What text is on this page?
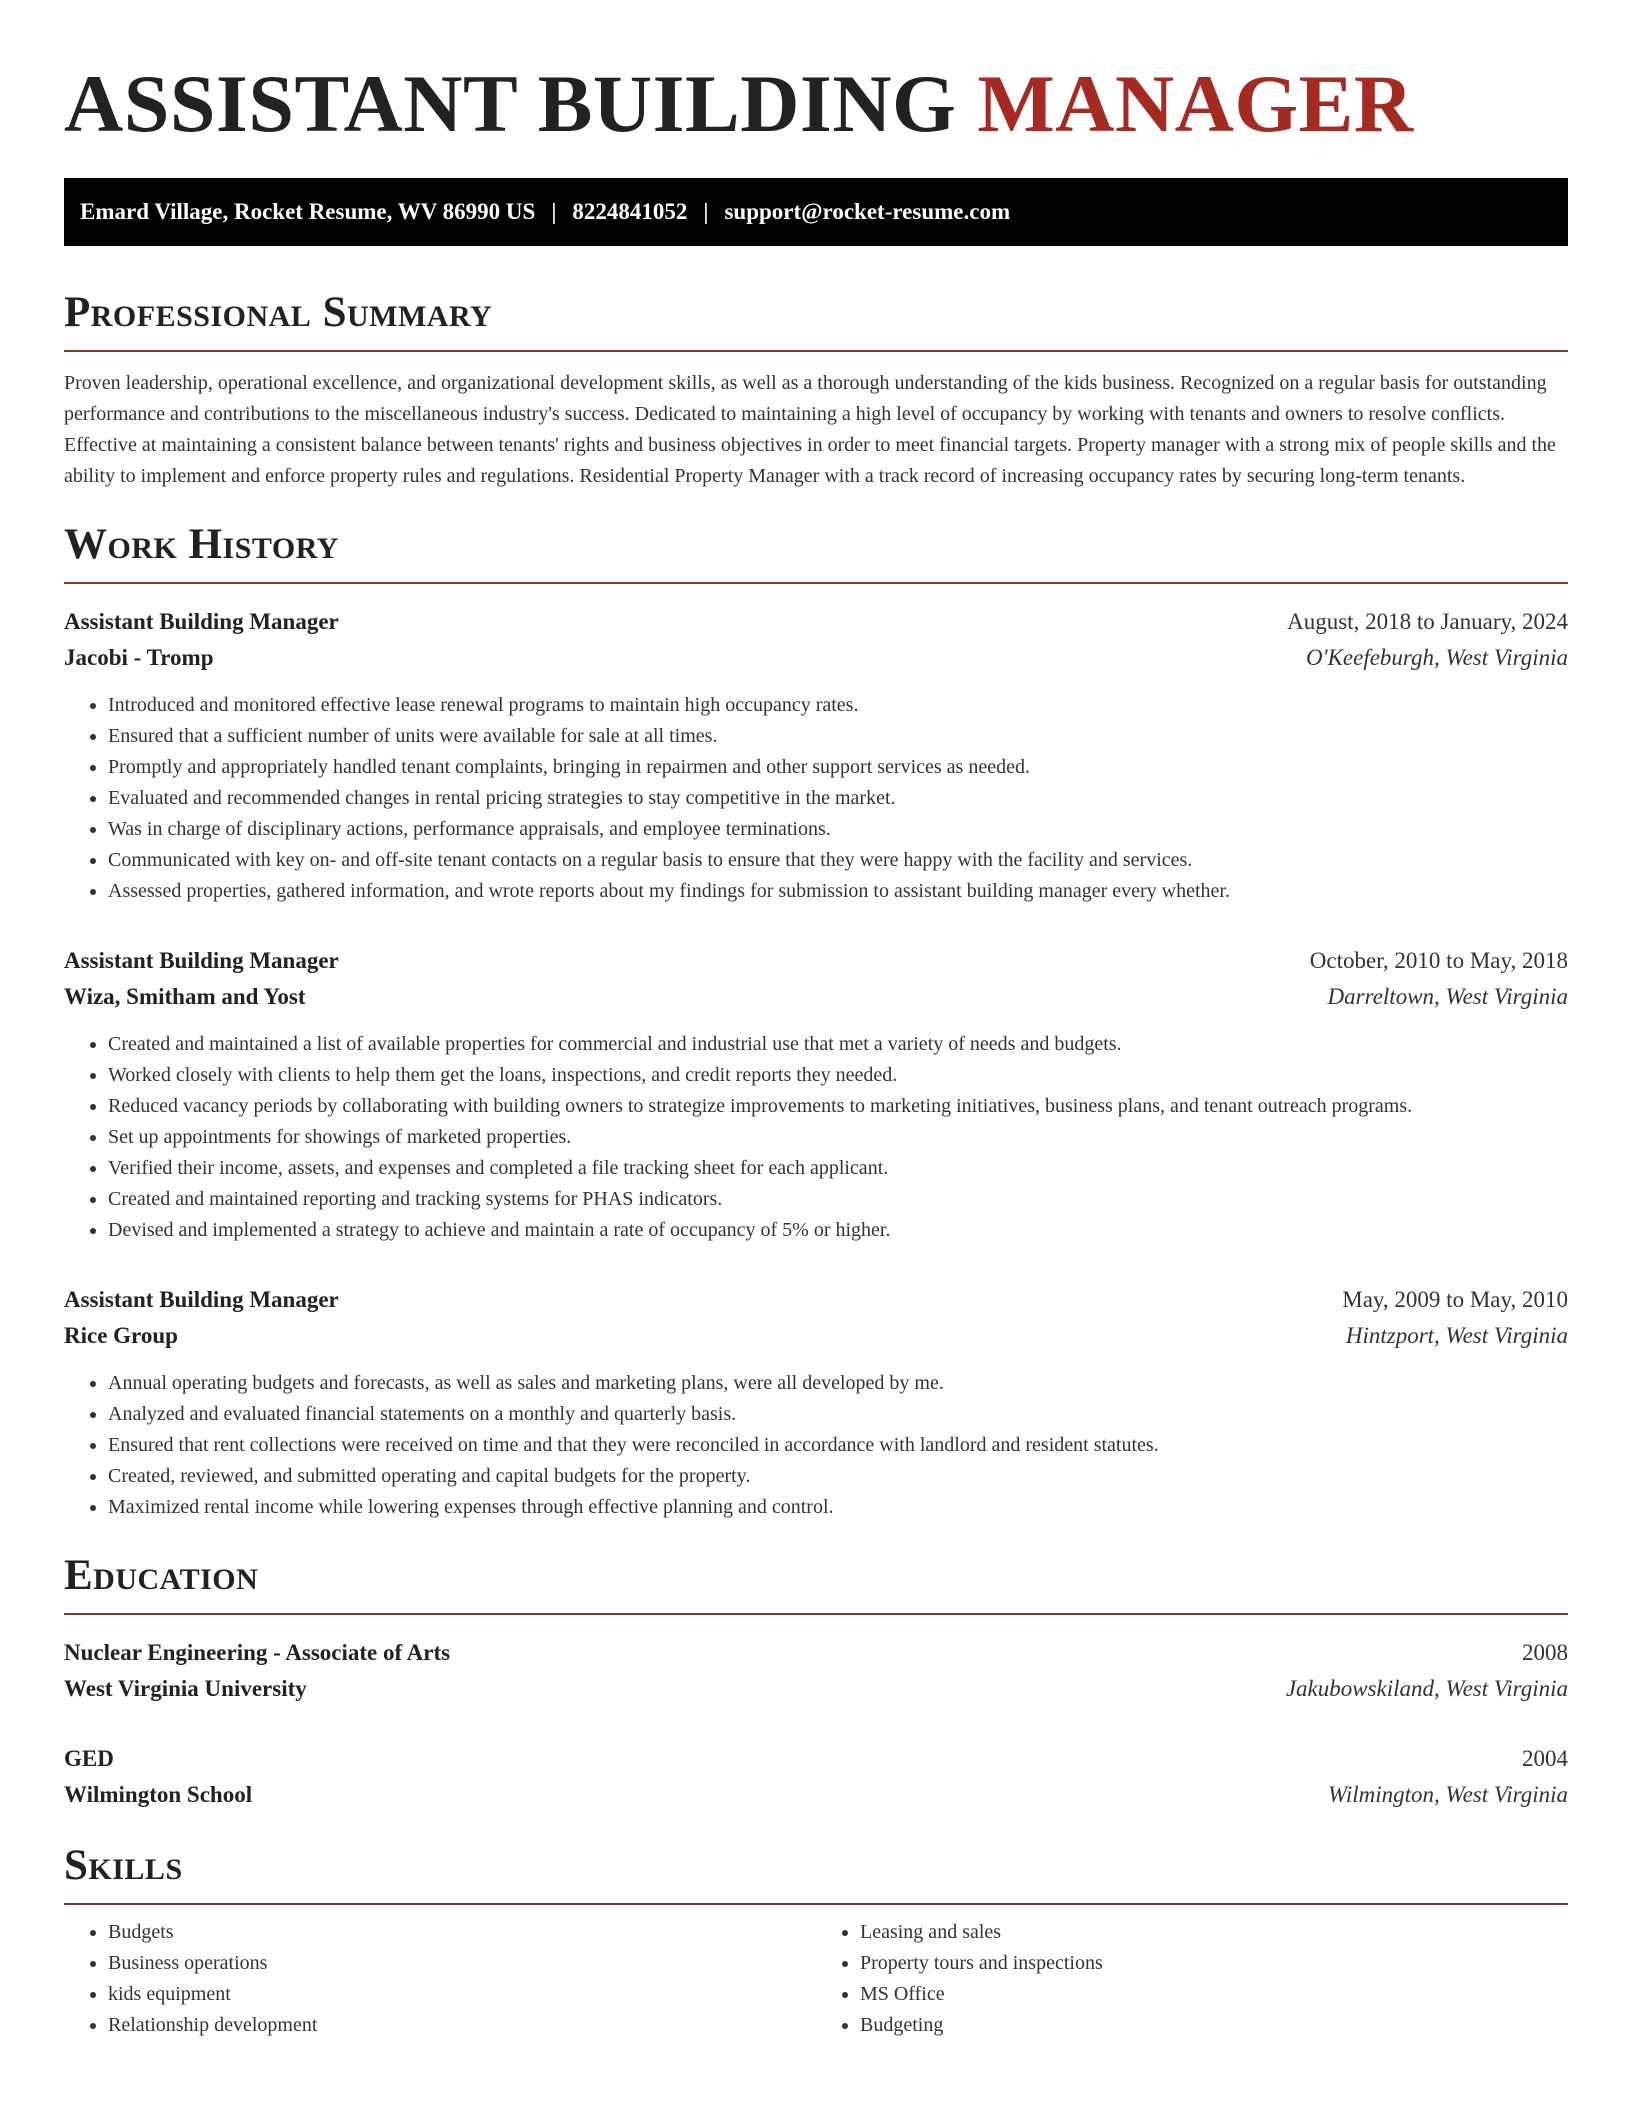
ASSISTANT BUILDING MANAGER
Emard Village, Rocket Resume, WV 86990 US | 8224841052 | support@rocket-resume.com
Professional Summary
Proven leadership, operational excellence, and organizational development skills, as well as a thorough understanding of the kids business. Recognized on a regular basis for outstanding performance and contributions to the miscellaneous industry's success. Dedicated to maintaining a high level of occupancy by working with tenants and owners to resolve conflicts. Effective at maintaining a consistent balance between tenants' rights and business objectives in order to meet financial targets. Property manager with a strong mix of people skills and the ability to implement and enforce property rules and regulations. Residential Property Manager with a track record of increasing occupancy rates by securing long-term tenants.
Work History
Assistant Building Manager	August, 2018 to January, 2024
Jacobi - Tromp	O'Keefeburgh, West Virginia
• Introduced and monitored effective lease renewal programs to maintain high occupancy rates.
• Ensured that a sufficient number of units were available for sale at all times.
• Promptly and appropriately handled tenant complaints, bringing in repairmen and other support services as needed.
• Evaluated and recommended changes in rental pricing strategies to stay competitive in the market.
• Was in charge of disciplinary actions, performance appraisals, and employee terminations.
• Communicated with key on- and off-site tenant contacts on a regular basis to ensure that they were happy with the facility and services.
• Assessed properties, gathered information, and wrote reports about my findings for submission to assistant building manager every whether.
Assistant Building Manager	October, 2010 to May, 2018
Wiza, Smitham and Yost	Darreltown, West Virginia
• Created and maintained a list of available properties for commercial and industrial use that met a variety of needs and budgets.
• Worked closely with clients to help them get the loans, inspections, and credit reports they needed.
• Reduced vacancy periods by collaborating with building owners to strategize improvements to marketing initiatives, business plans, and tenant outreach programs.
• Set up appointments for showings of marketed properties.
• Verified their income, assets, and expenses and completed a file tracking sheet for each applicant.
• Created and maintained reporting and tracking systems for PHAS indicators.
• Devised and implemented a strategy to achieve and maintain a rate of occupancy of 5% or higher.
Assistant Building Manager	May, 2009 to May, 2010
Rice Group	Hintzport, West Virginia
• Annual operating budgets and forecasts, as well as sales and marketing plans, were all developed by me.
• Analyzed and evaluated financial statements on a monthly and quarterly basis.
• Ensured that rent collections were received on time and that they were reconciled in accordance with landlord and resident statutes.
• Created, reviewed, and submitted operating and capital budgets for the property.
• Maximized rental income while lowering expenses through effective planning and control.
Education
Nuclear Engineering - Associate of Arts	2008
West Virginia University	Jakubowskiland, West Virginia
GED	2004
Wilmington School	Wilmington, West Virginia
Skills
• Budgets
• Business operations
• kids equipment
• Relationship development
• Leasing and sales
• Property tours and inspections
• MS Office
• Budgeting
